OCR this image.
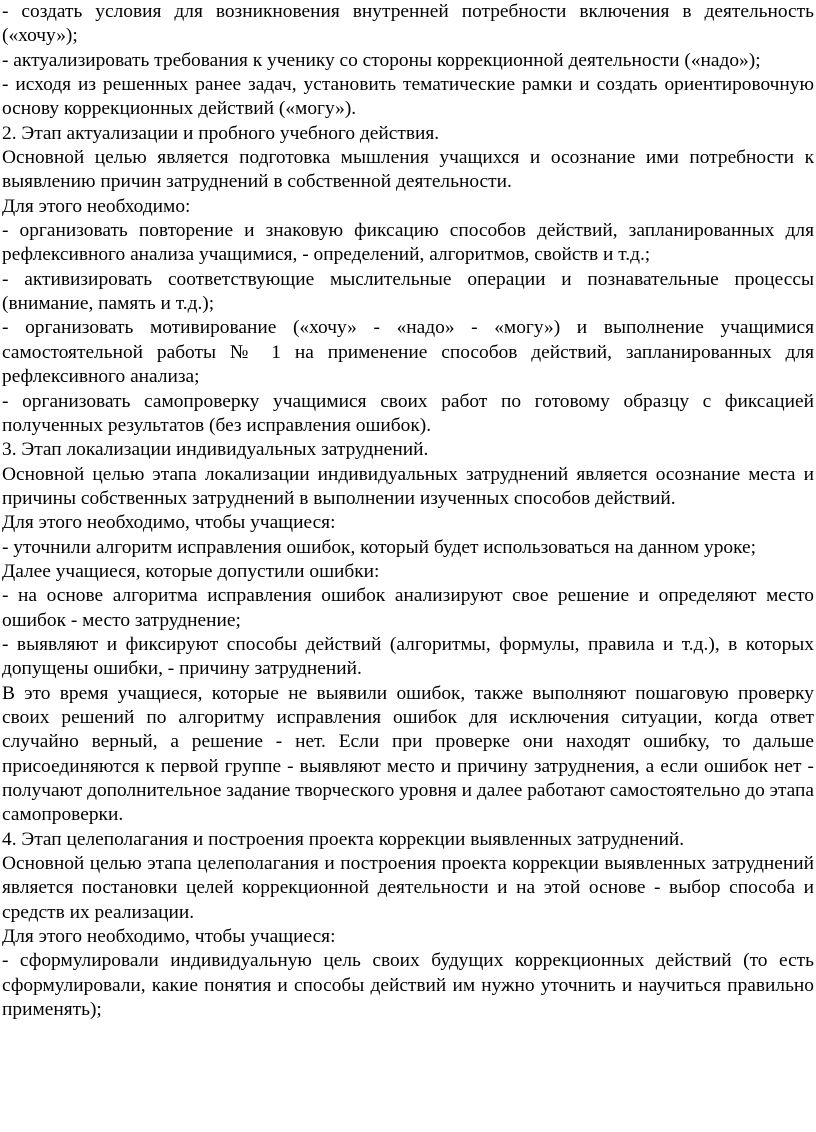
- создать условия для возникновения внутренней потребности включения в деятельность («хочу»);

- актуализировать требования к ученику со стороны коррекционной деятельности («надо»);

- исходя из решенных ранее задач, установить тематические рамки и создать ориентировочную основу коррекционных действий («могу»).

2. Этап актуализации и пробного учебного действия.

Основной целью является подготовка мышления учащихся и осознание ими потребности к выявлению причин затруднений в собственной деятельности.

Для этого необходимо:

- организовать повторение и знаковую фиксацию способов действий, запланированных для рефлексивного анализа учащимися, - определений, алгоритмов, свойств и т.д.;

- активизировать соответствующие мыслительные операции и познавательные процессы (внимание, память и т.д.);

- организовать мотивирование («хочу» - «надо» - «могу») и выполнение учащимися самостоятельной работы № 1 на применение способов действий, запланированных для рефлексивного анализа;

- организовать самопроверку учащимися своих работ по готовому образцу с фиксацией полученных результатов (без исправления ошибок).

3. Этап локализации индивидуальных затруднений.

Основной целью этапа локализации индивидуальных затруднений является осознание места и причины собственных затруднений в выполнении изученных способов действий.

Для этого необходимо, чтобы учащиеся:

- уточнили алгоритм исправления ошибок, который будет использоваться на данном уроке;

Далее учащиеся, которые допустили ошибки:

- на основе алгоритма исправления ошибок анализируют свое решение и определяют место ошибок - место затруднение;

- выявляют и фиксируют способы действий (алгоритмы, формулы, правила и т.д.), в которых допущены ошибки, - причину затруднений.

В это время учащиеся, которые не выявили ошибок, также выполняют пошаговую проверку своих решений по алгоритму исправления ошибок для исключения ситуации, когда ответ случайно верный, а решение - нет. Если при проверке они находят ошибку, то дальше присоединяются к первой группе - выявляют место и причину затруднения, а если ошибок нет - получают дополнительное задание творческого уровня и далее работают самостоятельно до этапа самопроверки.

4. Этап целеполагания и построения проекта коррекции выявленных затруднений.

Основной целью этапа целеполагания и построения проекта коррекции выявленных затруднений является постановки целей коррекционной деятельности и на этой основе - выбор способа и средств их реализации.

Для этого необходимо, чтобы учащиеся:

- сформулировали индивидуальную цель своих будущих коррекционных действий (то есть сформулировали, какие понятия и способы действий им нужно уточнить и научиться правильно применять);
